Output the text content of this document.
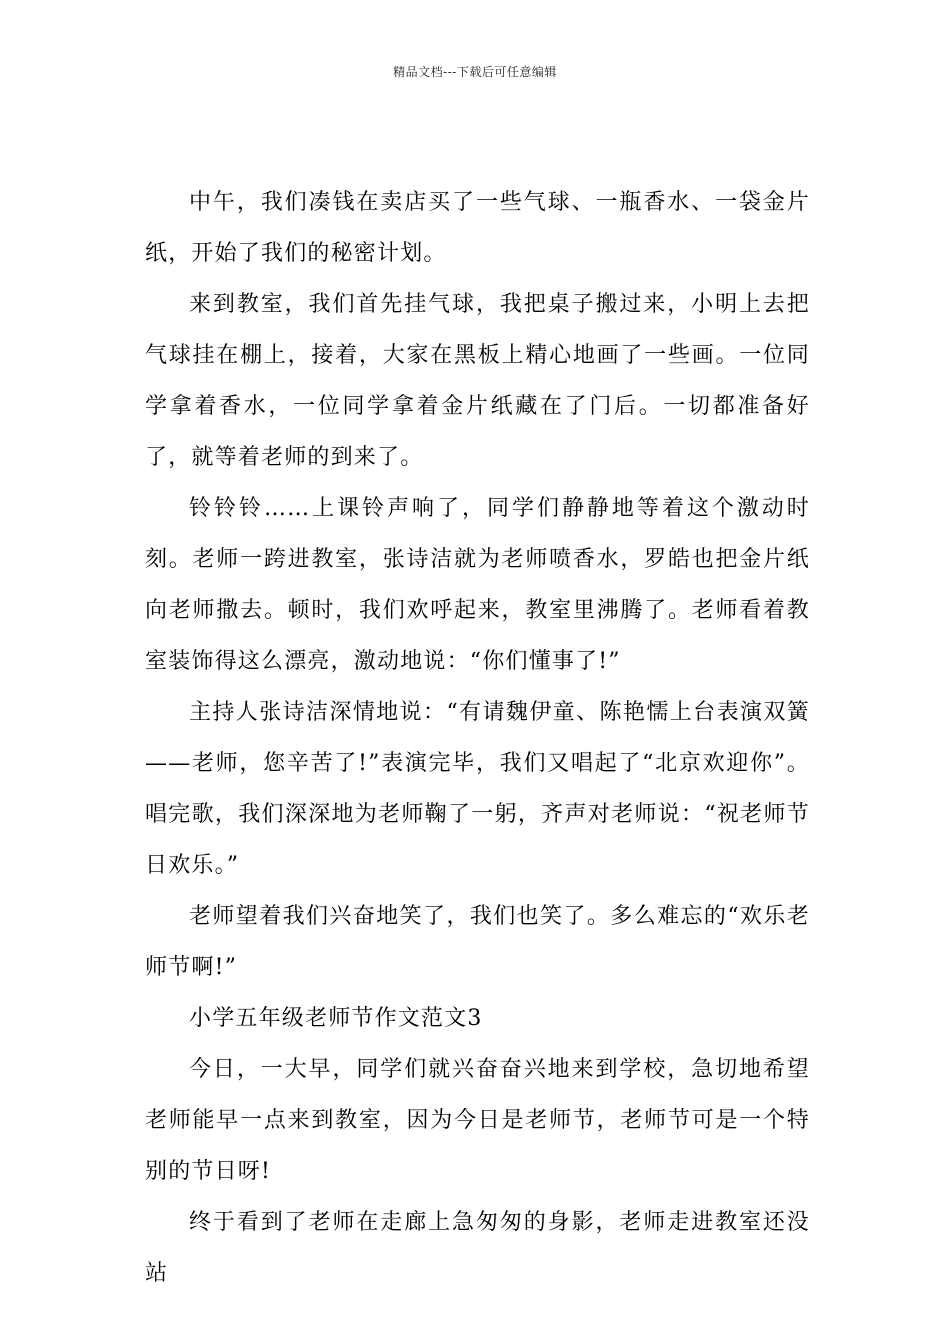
精品文档---下载后可任意编辑

中午，我们凑钱在卖店买了一些气球、一瓶香水、一袋金片纸，开始了我们的秘密计划。

来到教室，我们首先挂气球，我把桌子搬过来，小明上去把气球挂在棚上，接着，大家在黑板上精心地画了一些画。一位同学拿着香水，一位同学拿着金片纸藏在了门后。一切都准备好了，就等着老师的到来了。

铃铃铃……上课铃声响了，同学们静静地等着这个激动时刻。老师一跨进教室，张诗洁就为老师喷香水，罗皓也把金片纸向老师撒去。顿时，我们欢呼起来，教室里沸腾了。老师看着教室装饰得这么漂亮，激动地说：“你们懂事了!”

主持人张诗洁深情地说：“有请魏伊童、陈艳懦上台表演双簧——老师，您辛苦了!”表演完毕，我们又唱起了“北京欢迎你”。唱完歌，我们深深地为老师鞠了一躬，齐声对老师说：“祝老师节日欢乐。”

老师望着我们兴奋地笑了，我们也笑了。多么难忘的“欢乐老师节啊!”

小学五年级老师节作文范文3

今日，一大早，同学们就兴奋奋兴地来到学校，急切地希望老师能早一点来到教室，因为今日是老师节，老师节可是一个特别的节日呀!

终于看到了老师在走廊上急匆匆的身影，老师走进教室还没站
